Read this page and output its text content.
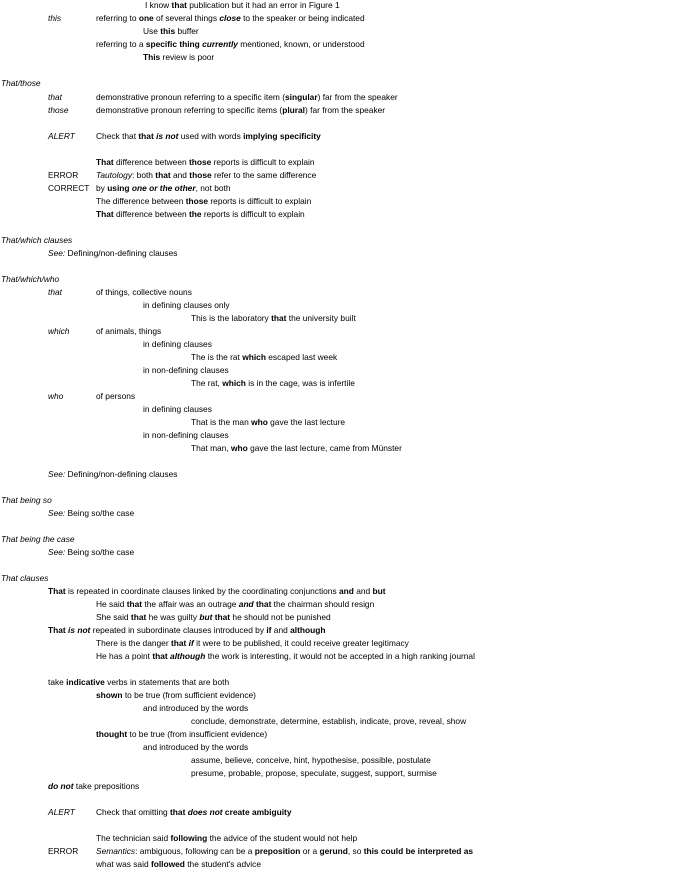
I know that publication but it had an error in Figure 1
this	referring to one of several things close to the speaker or being indicated
Use this buffer
referring to a specific thing currently mentioned, known, or understood
This review is poor
That/those
that	demonstrative pronoun referring to a specific item (singular) far from the speaker
those	demonstrative pronoun referring to specific items (plural) far from the speaker
ALERT	Check that that is not used with words implying specificity
That difference between those reports is difficult to explain
ERROR Tautology: both that and those refer to the same difference
CORRECT by using one or the other, not both
The difference between those reports is difficult to explain
That difference between the reports is difficult to explain
That/which clauses
See: Defining/non-defining clauses
That/which/who
that	of things, collective nouns
in defining clauses only
This is the laboratory that the university built
which	of animals, things
in defining clauses
The is the rat which escaped last week
in non-defining clauses
The rat, which is in the cage, was is infertile
who	of persons
in defining clauses
That is the man who gave the last lecture
in non-defining clauses
That man, who gave the last lecture, came from Münster
See: Defining/non-defining clauses
That being so
See: Being so/the case
That being the case
See: Being so/the case
That clauses
That is repeated in coordinate clauses linked by the coordinating conjunctions and and but
He said that the affair was an outrage and that the chairman should resign
She said that he was guilty but that he should not be punished
That is not repeated in subordinate clauses introduced by if and although
There is the danger that if it were to be published, it could receive greater legitimacy
He has a point that although the work is interesting, it would not be accepted in a high ranking journal
take indicative verbs in statements that are both
shown to be true (from sufficient evidence)
and introduced by the words
conclude, demonstrate, determine, establish, indicate, prove, reveal, show
thought to be true (from insufficient evidence)
and introduced by the words
assume, believe, conceive, hint, hypothesise, possible, postulate
presume, probable, propose, speculate, suggest, support, surmise
do not take prepositions
ALERT	Check that omitting that does not create ambiguity
The technician said following the advice of the student would not help
ERROR Semantics: ambiguous, following can be a preposition or a gerund, so this could be interpreted as
what was said followed the student's advice
